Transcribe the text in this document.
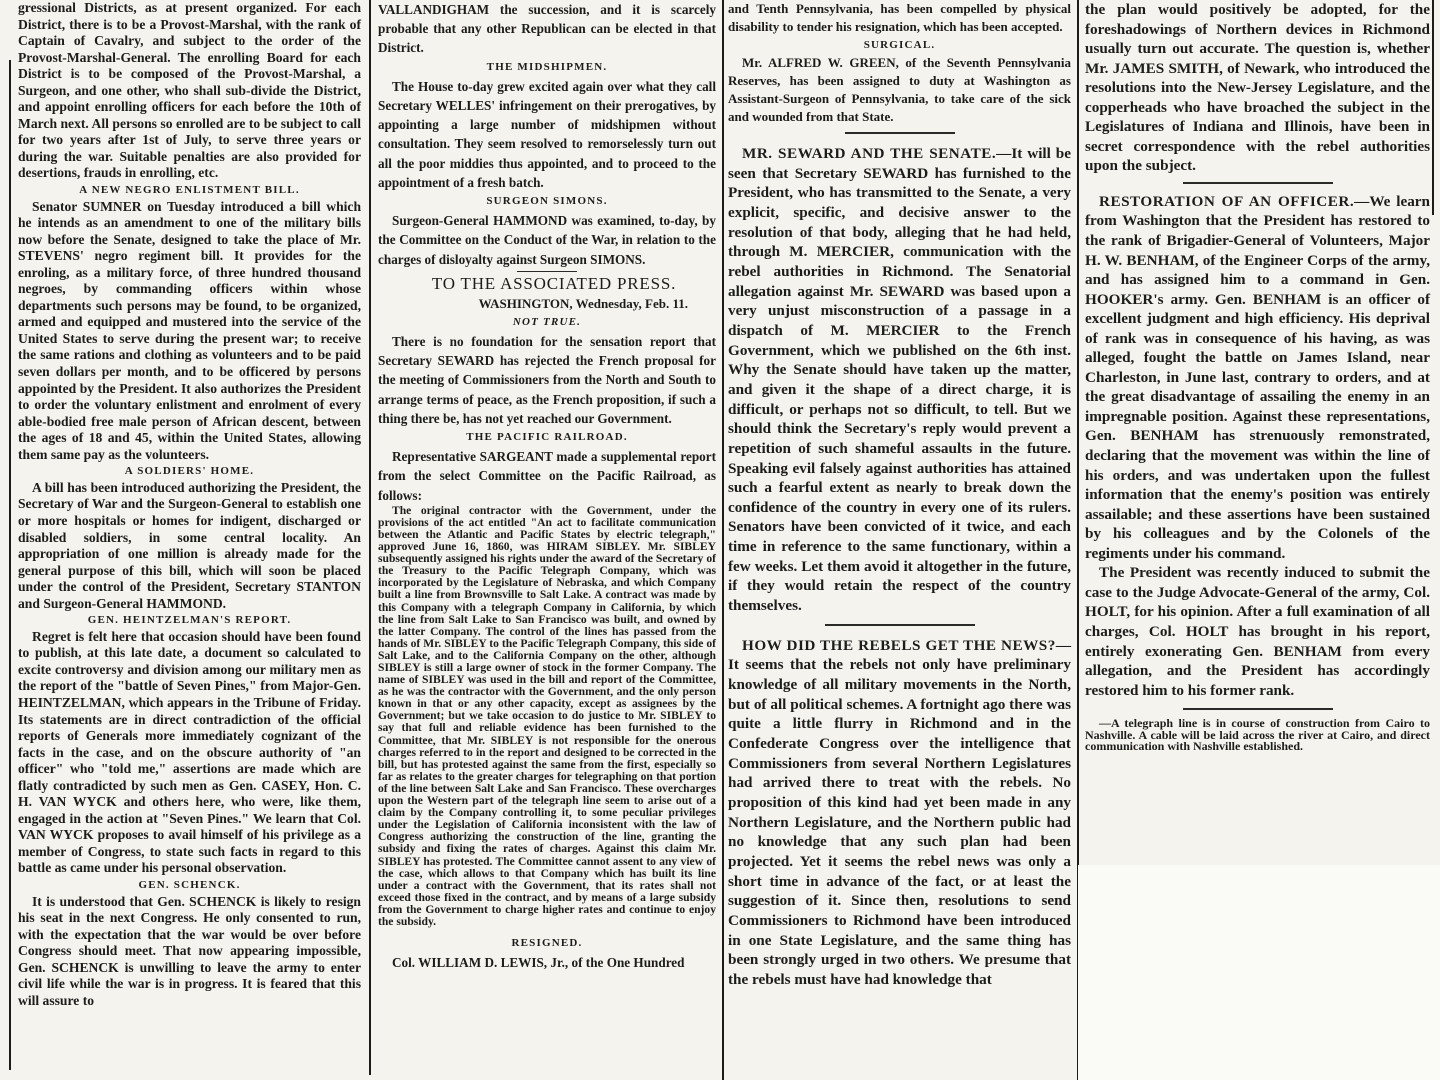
gressional Districts, as at present organized. For each District, there is to be a Provost-Marshal, with the rank of Captain of Cavalry, and subject to the order of the Provost-Marshal-General. The enrolling Board for each District is to be composed of the Provost-Marshal, a Surgeon, and one other, who shall sub-divide the District, and appoint enrolling officers for each before the 10th of March next. All persons so enrolled are to be subject to call for two years after 1st of July, to serve three years or during the war. Suitable penalties are also provided for desertions, frauds in enrolling, etc.

A NEW NEGRO ENLISTMENT BILL.

Senator SUMNER on Tuesday introduced a bill which he intends as an amendment to one of the military bills now before the Senate, designed to take the place of Mr. STEVENS' negro regiment bill. It provides for the enroling, as a military force, of three hundred thousand negroes, by commanding officers within whose departments such persons may be found, to be organized, armed and equipped and mustered into the service of the United States to serve during the present war; to receive the same rations and clothing as volunteers and to be paid seven dollars per month, and to be officered by persons appointed by the President. It also authorizes the President to order the voluntary enlistment and enrolment of every able-bodied free male person of African descent, between the ages of 18 and 45, within the United States, allowing them same pay as the volunteers.

A SOLDIERS' HOME.

A bill has been introduced authorizing the President, the Secretary of War and the Surgeon-General to establish one or more hospitals or homes for indigent, discharged or disabled soldiers, in some central locality. An appropriation of one million is already made for the general purpose of this bill, which will soon be placed under the control of the President, Secretary STANTON and Surgeon-General HAMMOND.

GEN. HEINTZELMAN'S REPORT.

Regret is felt here that occasion should have been found to publish, at this late date, a document so calculated to excite controversy and division among our military men as the report of the "battle of Seven Pines," from Major-Gen. HEINTZELMAN, which appears in the Tribune of Friday. Its statements are in direct contradiction of the official reports of Generals more immediately cognizant of the facts in the case, and on the obscure authority of "an officer" who "told me," assertions are made which are flatly contradicted by such men as Gen. CASEY, Hon. C. H. VAN WYCK and others here, who were, like them, engaged in the action at "Seven Pines." We learn that Col. VAN WYCK proposes to avail himself of his privilege as a member of Congress, to state such facts in regard to this battle as came under his personal observation.

GEN. SCHENCK.

It is understood that Gen. SCHENCK is likely to resign his seat in the next Congress. He only consented to run, with the expectation that the war would be over before Congress should meet. That now appearing impossible, Gen. SCHENCK is unwilling to leave the army to enter civil life while the war is in progress. It is feared that this will assure to

VALLANDIGHAM the succession, and it is scarcely probable that any other Republican can be elected in that District.

THE MIDSHIPMEN.

The House to-day grew excited again over what they call Secretary WELLES' infringement on their prerogatives, by appointing a large number of midshipmen without consultation. They seem resolved to remorselessly turn out all the poor middies thus appointed, and to proceed to the appointment of a fresh batch.

SURGEON SIMONS.

Surgeon-General HAMMOND was examined, to-day, by the Committee on the Conduct of the War, in relation to the charges of disloyalty against Surgeon SIMONS.

TO THE ASSOCIATED PRESS.

WASHINGTON, Wednesday, Feb. 11.

NOT TRUE.

There is no foundation for the sensation report that Secretary SEWARD has rejected the French proposal for the meeting of Commissioners from the North and South to arrange terms of peace, as the French proposition, if such a thing there be, has not yet reached our Government.

THE PACIFIC RAILROAD.

Representative SARGEANT made a supplemental report from the select Committee on the Pacific Railroad, as follows:

The original contractor with the Government, under the provisions of the act entitled "An act to facilitate communication between the Atlantic and Pacific States by electric telegraph," approved June 16, 1860, was HIRAM SIBLEY. Mr. SIBLEY subsequently assigned his rights under the award of the Secretary of the Treasury to the Pacific Telegraph Company, which was incorporated by the Legislature of Nebraska, and which Company built a line from Brownsville to Salt Lake. A contract was made by this Company with a telegraph Company in California, by which the line from Salt Lake to San Francisco was built, and owned by the latter Company. The control of the lines has passed from the hands of Mr. SIBLEY to the Pacific Telegraph Company, this side of Salt Lake, and to the California Company on the other, although SIBLEY is still a large owner of stock in the former Company. The name of SIBLEY was used in the bill and report of the Committee, as he was the contractor with the Government, and the only person known in that or any other capacity, except as assignees by the Government; but we take occasion to do justice to Mr. SIBLEY to say that full and reliable evidence has been furnished to the Committee, that Mr. SIBLEY is not responsible for the onerous charges referred to in the report and designed to be corrected in the bill, but has protested against the same from the first, especially so far as relates to the greater charges for telegraphing on that portion of the line between Salt Lake and San Francisco. These overcharges upon the Western part of the telegraph line seem to arise out of a claim by the Company controlling it, to some peculiar privileges under the Legislation of California inconsistent with the law of Congress authorizing the construction of the line, granting the subsidy and fixing the rates of charges. Against this claim Mr. SIBLEY has protested. The Committee cannot assent to any view of the case, which allows to that Company which has built its line under a contract with the Government, that its rates shall not exceed those fixed in the contract, and by means of a large subsidy from the Government to charge higher rates and continue to enjoy the subsidy.

RESIGNED.

Col. WILLIAM D. LEWIS, Jr., of the One Hundred

and Tenth Pennsylvania, has been compelled by physical disability to tender his resignation, which has been accepted.

SURGICAL.

Mr. ALFRED W. GREEN, of the Seventh Pennsylvania Reserves, has been assigned to duty at Washington as Assistant-Surgeon of Pennsylvania, to take care of the sick and wounded from that State.

MR. SEWARD AND THE SENATE.—It will be seen that Secretary SEWARD has furnished to the President, who has transmitted to the Senate, a very explicit, specific, and decisive answer to the resolution of that body, alleging that he had held, through M. MERCIER, communication with the rebel authorities in Richmond. The Senatorial allegation against Mr. SEWARD was based upon a very unjust misconstruction of a passage in a dispatch of M. MERCIER to the French Government, which we published on the 6th inst. Why the Senate should have taken up the matter, and given it the shape of a direct charge, it is difficult, or perhaps not so difficult, to tell. But we should think the Secretary's reply would prevent a repetition of such shameful assaults in the future. Speaking evil falsely against authorities has attained such a fearful extent as nearly to break down the confidence of the country in every one of its rulers. Senators have been convicted of it twice, and each time in reference to the same functionary, within a few weeks. Let them avoid it altogether in the future, if they would retain the respect of the country themselves.

HOW DID THE REBELS GET THE NEWS?—It seems that the rebels not only have preliminary knowledge of all military movements in the North, but of all political schemes. A fortnight ago there was quite a little flurry in Richmond and in the Confederate Congress over the intelligence that Commissioners from several Northern Legislatures had arrived there to treat with the rebels. No proposition of this kind had yet been made in any Northern Legislature, and the Northern public had no knowledge that any such plan had been projected. Yet it seems the rebel news was only a short time in advance of the fact, or at least the suggestion of it. Since then, resolutions to send Commissioners to Richmond have been introduced in one State Legislature, and the same thing has been strongly urged in two others. We presume that the rebels must have had knowledge that

the plan would positively be adopted, for the foreshadowings of Northern devices in Richmond usually turn out accurate. The question is, whether Mr. JAMES SMITH, of Newark, who introduced the resolutions into the New-Jersey Legislature, and the copperheads who have broached the subject in the Legislatures of Indiana and Illinois, have been in secret correspondence with the rebel authorities upon the subject.

RESTORATION OF AN OFFICER.—We learn from Washington that the President has restored to the rank of Brigadier-General of Volunteers, Major H. W. BENHAM, of the Engineer Corps of the army, and has assigned him to a command in Gen. HOOKER's army. Gen. BENHAM is an officer of excellent judgment and high efficiency. His deprival of rank was in consequence of his having, as was alleged, fought the battle on James Island, near Charleston, in June last, contrary to orders, and at the great disadvantage of assailing the enemy in an impregnable position. Against these representations, Gen. BENHAM has strenuously remonstrated, declaring that the movement was within the line of his orders, and was undertaken upon the fullest information that the enemy's position was entirely assailable; and these assertions have been sustained by his colleagues and by the Colonels of the regiments under his command.

The President was recently induced to submit the case to the Judge Advocate-General of the army, Col. HOLT, for his opinion. After a full examination of all charges, Col. HOLT has brought in his report, entirely exonerating Gen. BENHAM from every allegation, and the President has accordingly restored him to his former rank.

—A telegraph line is in course of construction from Cairo to Nashville. A cable will be laid across the river at Cairo, and direct communication with Nashville established.
